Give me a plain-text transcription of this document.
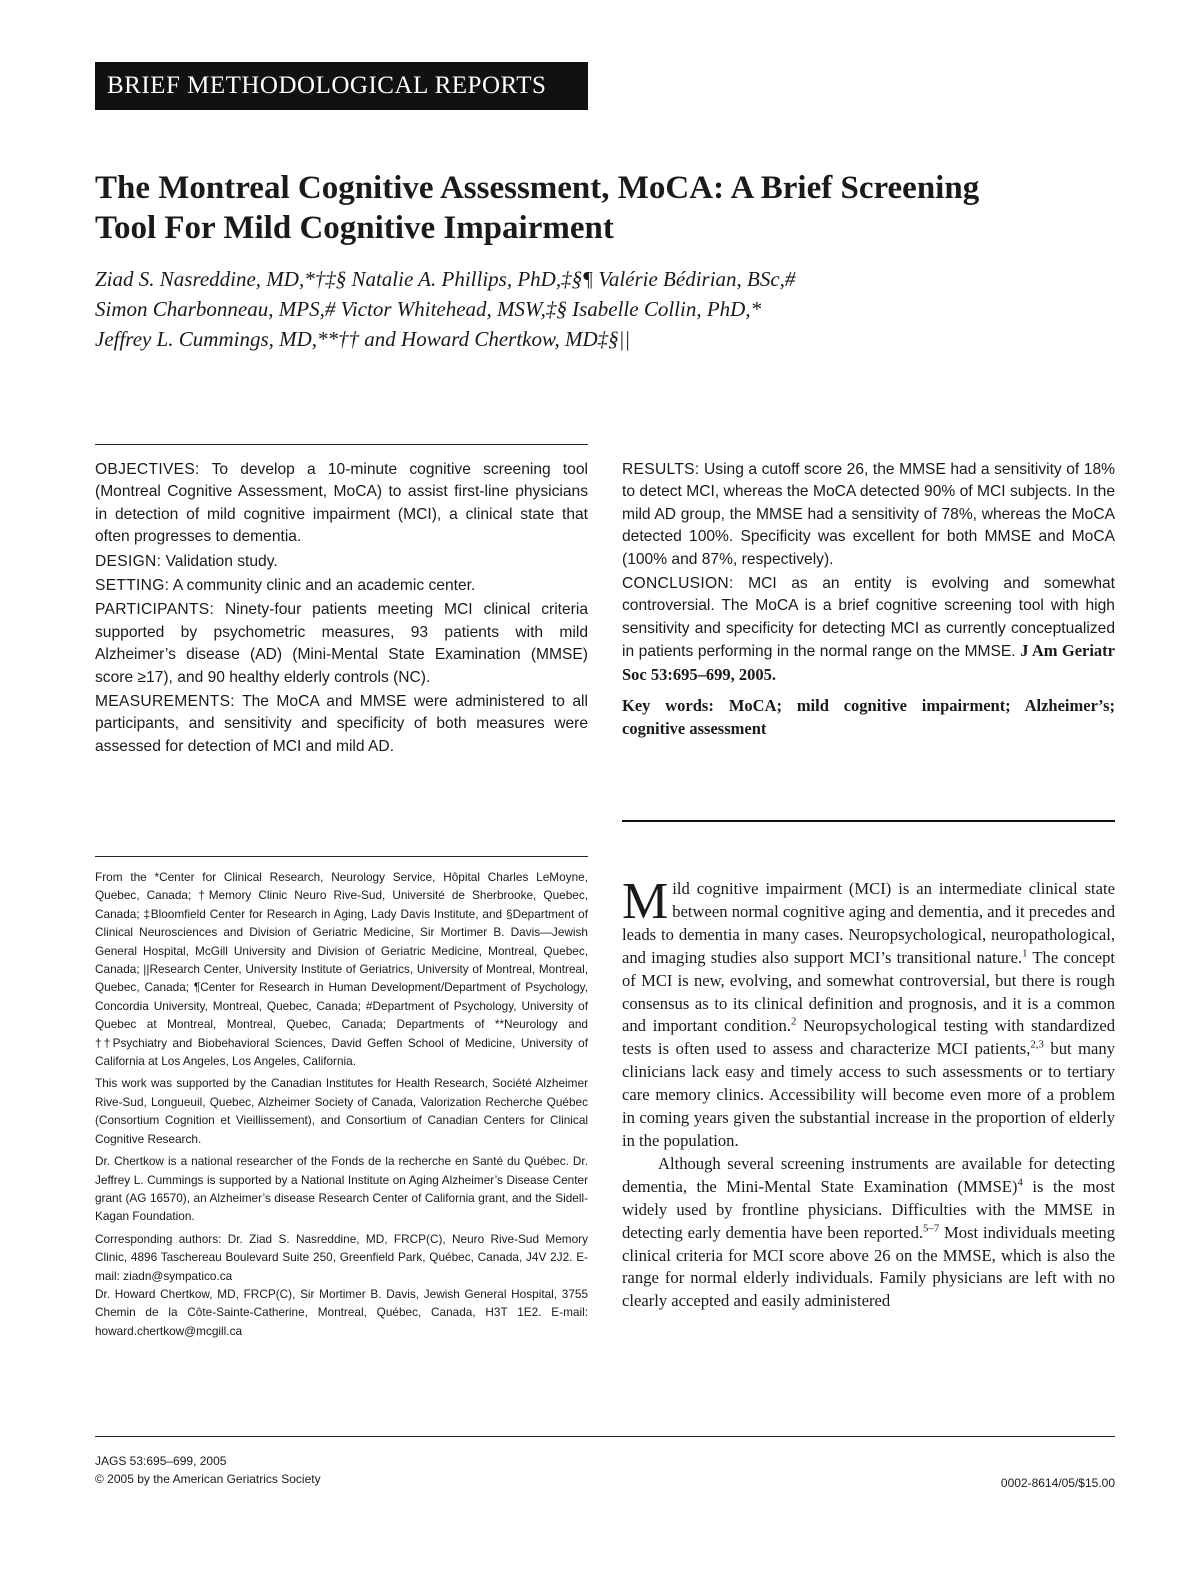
BRIEF METHODOLOGICAL REPORTS
The Montreal Cognitive Assessment, MoCA: A Brief Screening
Tool For Mild Cognitive Impairment
Ziad S. Nasreddine, MD,*†‡§ Natalie A. Phillips, PhD,‡§¶ Valérie Bédirian, BSc,#
Simon Charbonneau, MPS,# Victor Whitehead, MSW,‡§ Isabelle Collin, PhD,*
Jeffrey L. Cummings, MD,**†† and Howard Chertkow, MD‡§||

OBJECTIVES: To develop a 10-minute cognitive screening tool (Montreal Cognitive Assessment, MoCA) to assist first-line physicians in detection of mild cognitive impairment (MCI), a clinical state that often progresses to dementia.

DESIGN: Validation study.

SETTING: A community clinic and an academic center.

PARTICIPANTS: Ninety-four patients meeting MCI clinical criteria supported by psychometric measures, 93 patients with mild Alzheimer’s disease (AD) (Mini-Mental State Examination (MMSE) score ≥17), and 90 healthy elderly controls (NC).

MEASUREMENTS: The MoCA and MMSE were administered to all participants, and sensitivity and specificity of both measures were assessed for detection of MCI and mild AD.

RESULTS: Using a cutoff score 26, the MMSE had a sensitivity of 18% to detect MCI, whereas the MoCA detected 90% of MCI subjects. In the mild AD group, the MMSE had a sensitivity of 78%, whereas the MoCA detected 100%. Specificity was excellent for both MMSE and MoCA (100% and 87%, respectively).

CONCLUSION: MCI as an entity is evolving and somewhat controversial. The MoCA is a brief cognitive screening tool with high sensitivity and specificity for detecting MCI as currently conceptualized in patients performing in the normal range on the MMSE. J Am Geriatr Soc 53:695–699, 2005.

Key words: MoCA; mild cognitive impairment; Alzheimer’s; cognitive assessment

From the *Center for Clinical Research, Neurology Service, Hôpital Charles LeMoyne, Quebec, Canada; †Memory Clinic Neuro Rive-Sud, Université de Sherbrooke, Quebec, Canada; ‡Bloomfield Center for Research in Aging, Lady Davis Institute, and §Department of Clinical Neurosciences and Division of Geriatric Medicine, Sir Mortimer B. Davis—Jewish General Hospital, McGill University and Division of Geriatric Medicine, Montreal, Quebec, Canada; ||Research Center, University Institute of Geriatrics, University of Montreal, Montreal, Quebec, Canada; ¶Center for Research in Human Development/Department of Psychology, Concordia University, Montreal, Quebec, Canada; #Department of Psychology, University of Quebec at Montreal, Montreal, Quebec, Canada; Departments of **Neurology and ††Psychiatry and Biobehavioral Sciences, David Geffen School of Medicine, University of California at Los Angeles, Los Angeles, California.

This work was supported by the Canadian Institutes for Health Research, Société Alzheimer Rive-Sud, Longueuil, Quebec, Alzheimer Society of Canada, Valorization Recherche Québec (Consortium Cognition et Vieillissement), and Consortium of Canadian Centers for Clinical Cognitive Research.

Dr. Chertkow is a national researcher of the Fonds de la recherche en Santé du Québec. Dr. Jeffrey L. Cummings is supported by a National Institute on Aging Alzheimer’s Disease Center grant (AG 16570), an Alzheimer’s disease Research Center of California grant, and the Sidell-Kagan Foundation.

Corresponding authors: Dr. Ziad S. Nasreddine, MD, FRCP(C), Neuro Rive-Sud Memory Clinic, 4896 Taschereau Boulevard Suite 250, Greenfield Park, Québec, Canada, J4V 2J2. E-mail: ziadn@sympatico.ca

Dr. Howard Chertkow, MD, FRCP(C), Sir Mortimer B. Davis, Jewish General Hospital, 3755 Chemin de la Côte-Sainte-Catherine, Montreal, Québec, Canada, H3T 1E2. E-mail: howard.chertkow@mcgill.ca

Mild cognitive impairment (MCI) is an intermediate clinical state between normal cognitive aging and dementia, and it precedes and leads to dementia in many cases. Neuropsychological, neuropathological, and imaging studies also support MCI’s transitional nature.$^1$ The concept of MCI is new, evolving, and somewhat controversial, but there is rough consensus as to its clinical definition and prognosis, and it is a common and important condition.$^2$ Neuropsychological testing with standardized tests is often used to assess and characterize MCI patients,$^{2,3}$ but many clinicians lack easy and timely access to such assessments or to tertiary care memory clinics. Accessibility will become even more of a problem in coming years given the substantial increase in the proportion of elderly in the population.

Although several screening instruments are available for detecting dementia, the Mini-Mental State Examination (MMSE)$^4$ is the most widely used by frontline physicians. Difficulties with the MMSE in detecting early dementia have been reported.$^{5-7}$ Most individuals meeting clinical criteria for MCI score above 26 on the MMSE, which is also the range for normal elderly individuals. Family physicians are left with no clearly accepted and easily administered

JAGS 53:695–699, 2005
© 2005 by the American Geriatrics Society	0002-8614/05/$15.00
